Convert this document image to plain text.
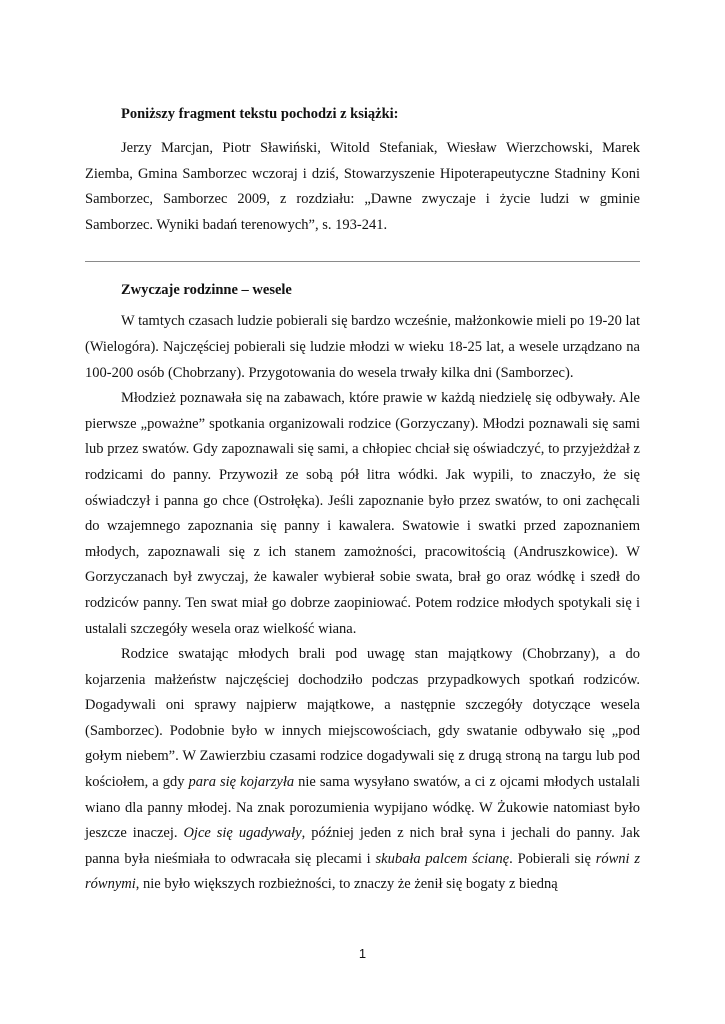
Poniższy fragment tekstu pochodzi z książki:

Jerzy Marcjan, Piotr Sławiński, Witold Stefaniak, Wiesław Wierzchowski, Marek Ziemba, Gmina Samborzec wczoraj i dziś, Stowarzyszenie Hipoterapeutyczne Stadniny Koni Samborzec, Samborzec 2009, z rozdziału: „Dawne zwyczaje i życie ludzi w gminie Samborzec. Wyniki badań terenowych”, s. 193-241.

Zwyczaje rodzinne – wesele

W tamtych czasach ludzie pobierali się bardzo wcześnie, małżonkowie mieli po 19-20 lat (Wielogóra). Najczęściej pobierali się ludzie młodzi w wieku 18-25 lat, a wesele urządzano na 100-200 osób (Chobrzany). Przygotowania do wesela trwały kilka dni (Samborzec).

Młodzież poznawała się na zabawach, które prawie w każdą niedzielę się odbywały. Ale pierwsze „poważne” spotkania organizowali rodzice (Gorzyczany). Młodzi poznawali się sami lub przez swatów. Gdy zapoznawali się sami, a chłopiec chciał się oświadczyć, to przyjeżdżał z rodzicami do panny. Przywoził ze sobą pół litra wódki. Jak wypili, to znaczyło, że się oświadczył i panna go chce (Ostrołęka). Jeśli zapoznanie było przez swatów, to oni zachęcali do wzajemnego zapoznania się panny i kawalera. Swatowie i swatki przed zapoznaniem młodych, zapoznawali się z ich stanem zamożności, pracowitością (Andruszkowice). W Gorzyczanach był zwyczaj, że kawaler wybierał sobie swata, brał go oraz wódkę i szedł do rodziców panny. Ten swat miał go dobrze zaopiniować. Potem rodzice młodych spotykali się i ustalali szczegóły wesela oraz wielkość wiana.

Rodzice swatając młodych brali pod uwagę stan majątkowy (Chobrzany), a do kojarzenia małżeństw najczęściej dochodziło podczas przypadkowych spotkań rodziców. Dogadywali oni sprawy najpierw majątkowe, a następnie szczegóły dotyczące wesela (Samborzec). Podobnie było w innych miejscowościach, gdy swatanie odbywało się „pod gołym niebem”. W Zawierzbiu czasami rodzice dogadywali się z drugą stroną na targu lub pod kościołem, a gdy para się kojarzyła nie sama wysyłano swatów, a ci z ojcami młodych ustalali wiano dla panny młodej. Na znak porozumienia wypijano wódkę. W Żukowie natomiast było jeszcze inaczej. Ojce się ugadywały, później jeden z nich brał syna i jechali do panny. Jak panna była nieśmiała to odwracała się plecami i skubała palcem ścianę. Pobierali się równi z równymi, nie było większych rozbieżności, to znaczy że żenił się bogaty z biedną

1
